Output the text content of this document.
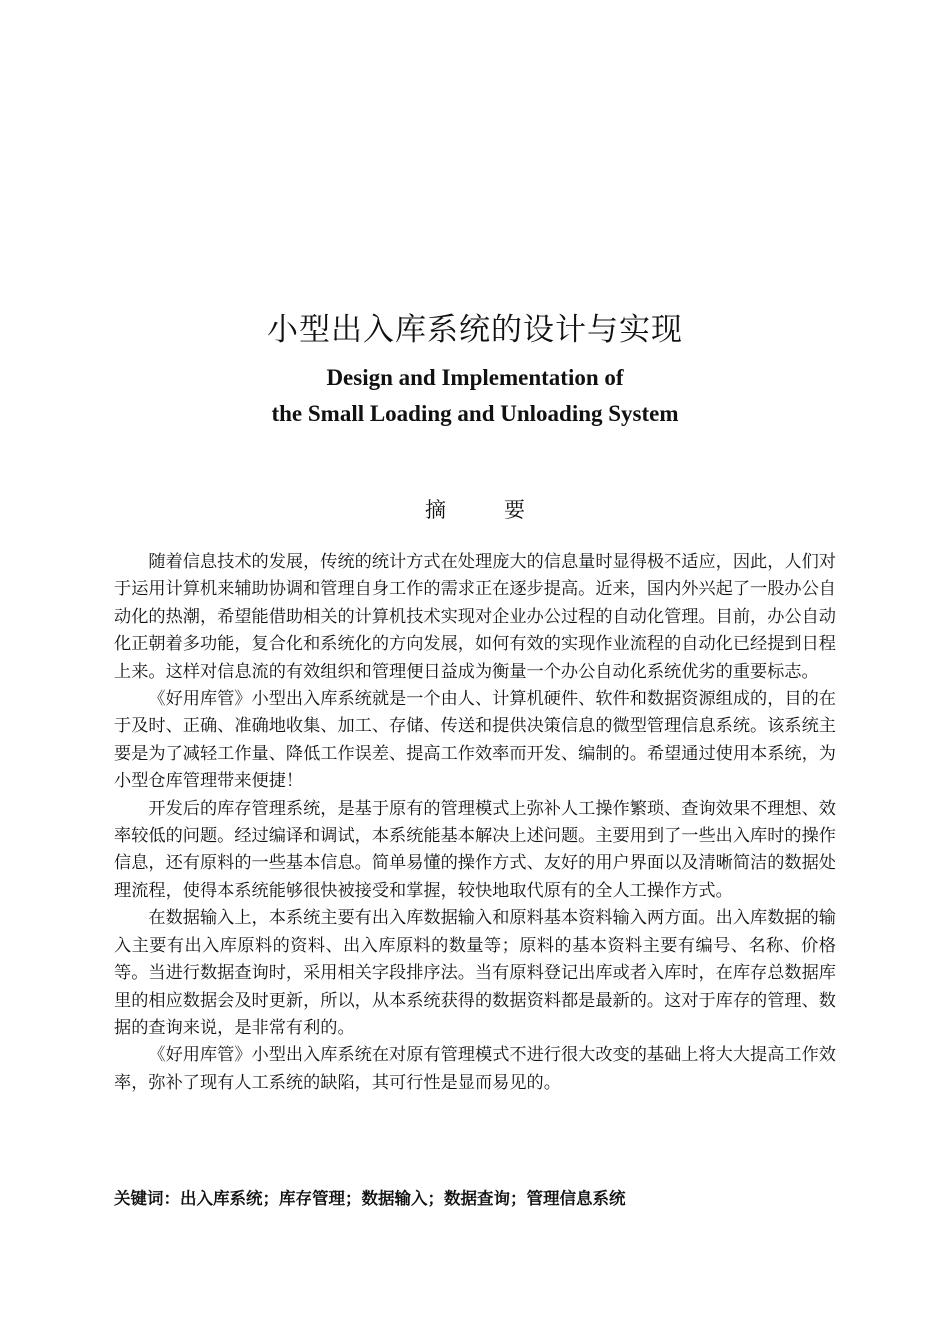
小型出入库系统的设计与实现
Design and Implementation of
the Small Loading and Unloading System
摘要

随着信息技术的发展，传统的统计方式在处理庞大的信息量时显得极不适应，因此，人们对于运用计算机来辅助协调和管理自身工作的需求正在逐步提高。近来，国内外兴起了一股办公自动化的热潮，希望能借助相关的计算机技术实现对企业办公过程的自动化管理。目前，办公自动化正朝着多功能，复合化和系统化的方向发展，如何有效的实现作业流程的自动化已经提到日程上来。这样对信息流的有效组织和管理便日益成为衡量一个办公自动化系统优劣的重要标志。

《好用库管》小型出入库系统就是一个由人、计算机硬件、软件和数据资源组成的，目的在于及时、正确、准确地收集、加工、存储、传送和提供决策信息的微型管理信息系统。该系统主要是为了减轻工作量、降低工作误差、提高工作效率而开发、编制的。希望通过使用本系统，为小型仓库管理带来便捷！

开发后的库存管理系统，是基于原有的管理模式上弥补人工操作繁琐、查询效果不理想、效率较低的问题。经过编译和调试，本系统能基本解决上述问题。主要用到了一些出入库时的操作信息，还有原料的一些基本信息。简单易懂的操作方式、友好的用户界面以及清晰简洁的数据处理流程，使得本系统能够很快被接受和掌握，较快地取代原有的全人工操作方式。

在数据输入上，本系统主要有出入库数据输入和原料基本资料输入两方面。出入库数据的输入主要有出入库原料的资料、出入库原料的数量等；原料的基本资料主要有编号、名称、价格等。当进行数据查询时，采用相关字段排序法。当有原料登记出库或者入库时，在库存总数据库里的相应数据会及时更新，所以，从本系统获得的数据资料都是最新的。这对于库存的管理、数据的查询来说，是非常有利的。

《好用库管》小型出入库系统在对原有管理模式不进行很大改变的基础上将大大提高工作效率，弥补了现有人工系统的缺陷，其可行性是显而易见的。

关键词：出入库系统；库存管理；数据输入；数据查询；管理信息系统
